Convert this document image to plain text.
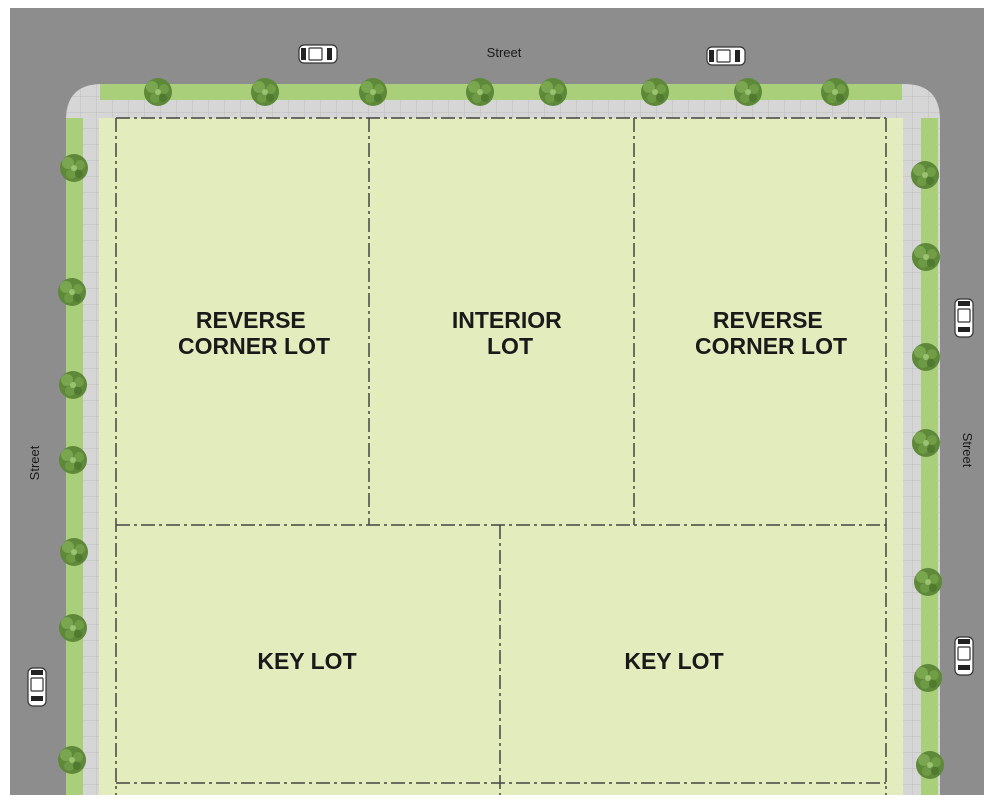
Street
Street	Street
REVERSE CORNER LOT
INTERIOR LOT
REVERSE CORNER LOT
KEY LOT	KEY LOT
